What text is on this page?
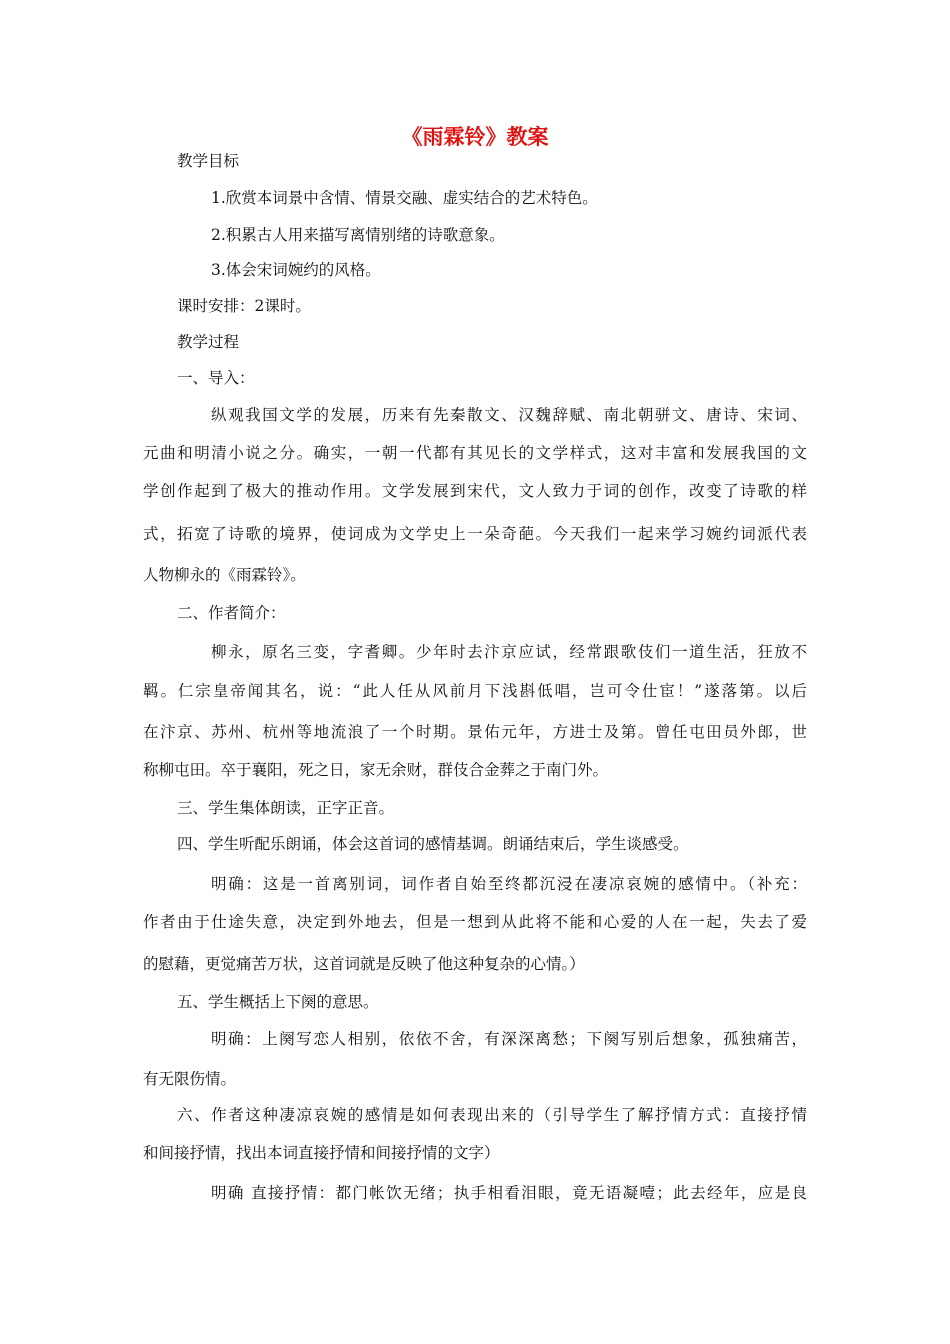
《雨霖铃》教案
教学目标
1.欣赏本词景中含情、情景交融、虚实结合的艺术特色。
2.积累古人用来描写离情别绪的诗歌意象。
3.体会宋词婉约的风格。
课时安排：2课时。
教学过程
一、导入：
纵观我国文学的发展，历来有先秦散文、汉魏辞赋、南北朝骈文、唐诗、宋词、
元曲和明清小说之分。确实，一朝一代都有其见长的文学样式，这对丰富和发展我国的文
学创作起到了极大的推动作用。文学发展到宋代，文人致力于词的创作，改变了诗歌的样
式，拓宽了诗歌的境界，使词成为文学史上一朵奇葩。今天我们一起来学习婉约词派代表
人物柳永的《雨霖铃》。
二、作者简介：
柳永，原名三变，字耆卿。少年时去汴京应试，经常跟歌伎们一道生活，狂放不
羁。仁宗皇帝闻其名，说：“此人任从风前月下浅斟低唱，岂可令仕宦！”遂落第。以后
在汴京、苏州、杭州等地流浪了一个时期。景佑元年，方进士及第。曾任屯田员外郎，世
称柳屯田。卒于襄阳，死之日，家无余财，群伎合金葬之于南门外。
三、学生集体朗读，正字正音。
四、学生听配乐朗诵，体会这首词的感情基调。朗诵结束后，学生谈感受。
明确：这是一首离别词，词作者自始至终都沉浸在凄凉哀婉的感情中。（补充：
作者由于仕途失意，决定到外地去，但是一想到从此将不能和心爱的人在一起，失去了爱
的慰藉，更觉痛苦万状，这首词就是反映了他这种复杂的心情。）
五、学生概括上下阕的意思。
明确：上阕写恋人相别，依依不舍，有深深离愁；下阕写别后想象，孤独痛苦，
有无限伤情。
六、作者这种凄凉哀婉的感情是如何表现出来的（引导学生了解抒情方式：直接抒情
和间接抒情，找出本词直接抒情和间接抒情的文字）
明确 直接抒情：都门帐饮无绪；执手相看泪眼，竟无语凝噎；此去经年，应是良
